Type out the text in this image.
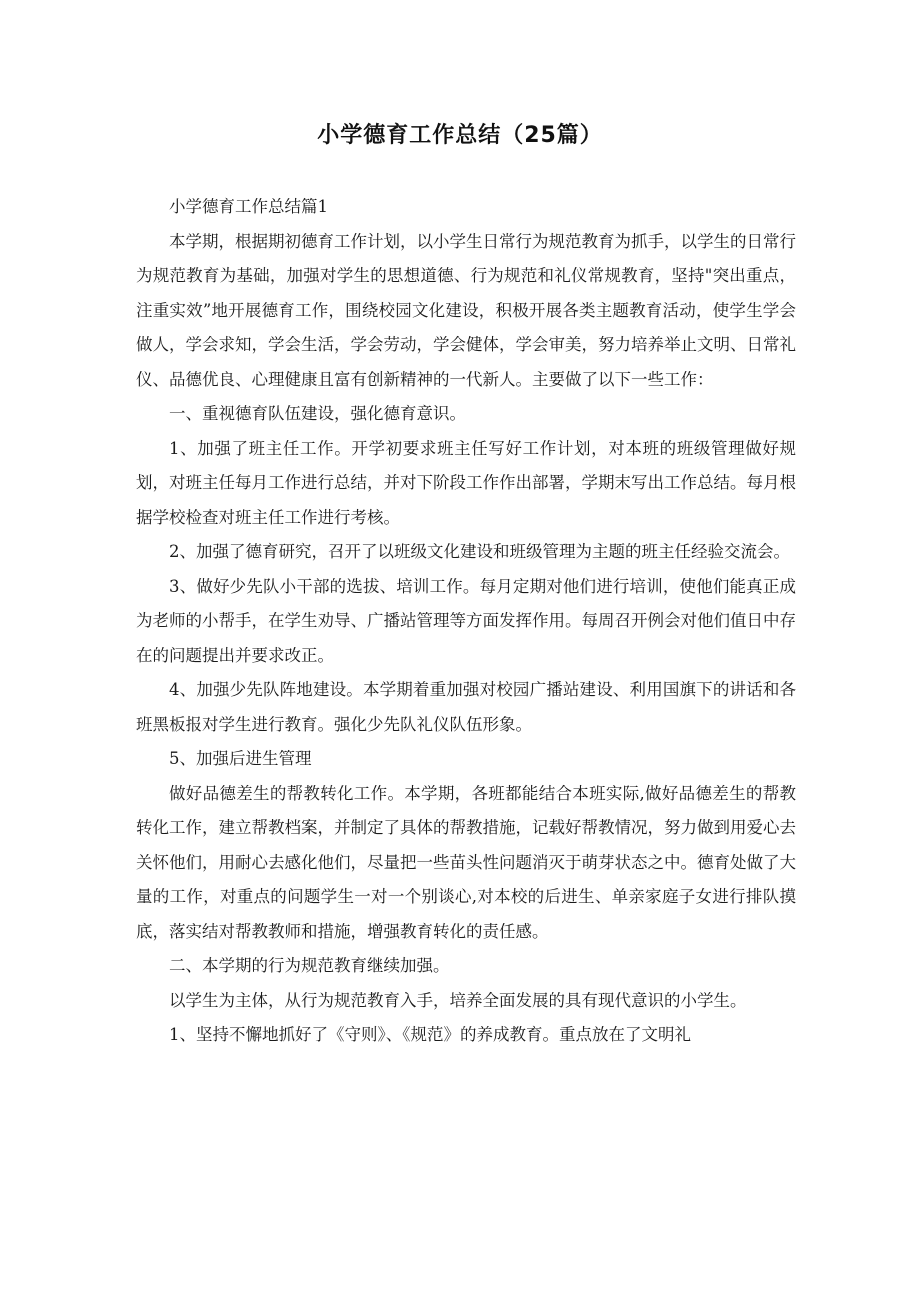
小学德育工作总结（25篇）

小学德育工作总结篇1

本学期，根据期初德育工作计划，以小学生日常行为规范教育为抓手，以学生的日常行为规范教育为基础，加强对学生的思想道德、行为规范和礼仪常规教育，坚持"突出重点，注重实效”地开展德育工作，围绕校园文化建设，积极开展各类主题教育活动，使学生学会做人，学会求知，学会生活，学会劳动，学会健体，学会审美，努力培养举止文明、日常礼仪、品德优良、心理健康且富有创新精神的一代新人。主要做了以下一些工作：

一、重视德育队伍建设，强化德育意识。

1、加强了班主任工作。开学初要求班主任写好工作计划，对本班的班级管理做好规划，对班主任每月工作进行总结，并对下阶段工作作出部署，学期末写出工作总结。每月根据学校检查对班主任工作进行考核。

2、加强了德育研究，召开了以班级文化建设和班级管理为主题的班主任经验交流会。

3、做好少先队小干部的选拔、培训工作。每月定期对他们进行培训，使他们能真正成为老师的小帮手，在学生劝导、广播站管理等方面发挥作用。每周召开例会对他们值日中存在的问题提出并要求改正。

4、加强少先队阵地建设。本学期着重加强对校园广播站建设、利用国旗下的讲话和各班黑板报对学生进行教育。强化少先队礼仪队伍形象。

5、加强后进生管理

做好品德差生的帮教转化工作。本学期，各班都能结合本班实际,做好品德差生的帮教转化工作，建立帮教档案，并制定了具体的帮教措施，记载好帮教情况，努力做到用爱心去关怀他们，用耐心去感化他们，尽量把一些苗头性问题消灭于萌芽状态之中。德育处做了大量的工作，对重点的问题学生一对一个别谈心,对本校的后进生、单亲家庭子女进行排队摸底，落实结对帮教教师和措施，增强教育转化的责任感。

二、本学期的行为规范教育继续加强。

以学生为主体，从行为规范教育入手，培养全面发展的具有现代意识的小学生。

1、坚持不懈地抓好了《守则》、《规范》的养成教育。重点放在了文明礼
